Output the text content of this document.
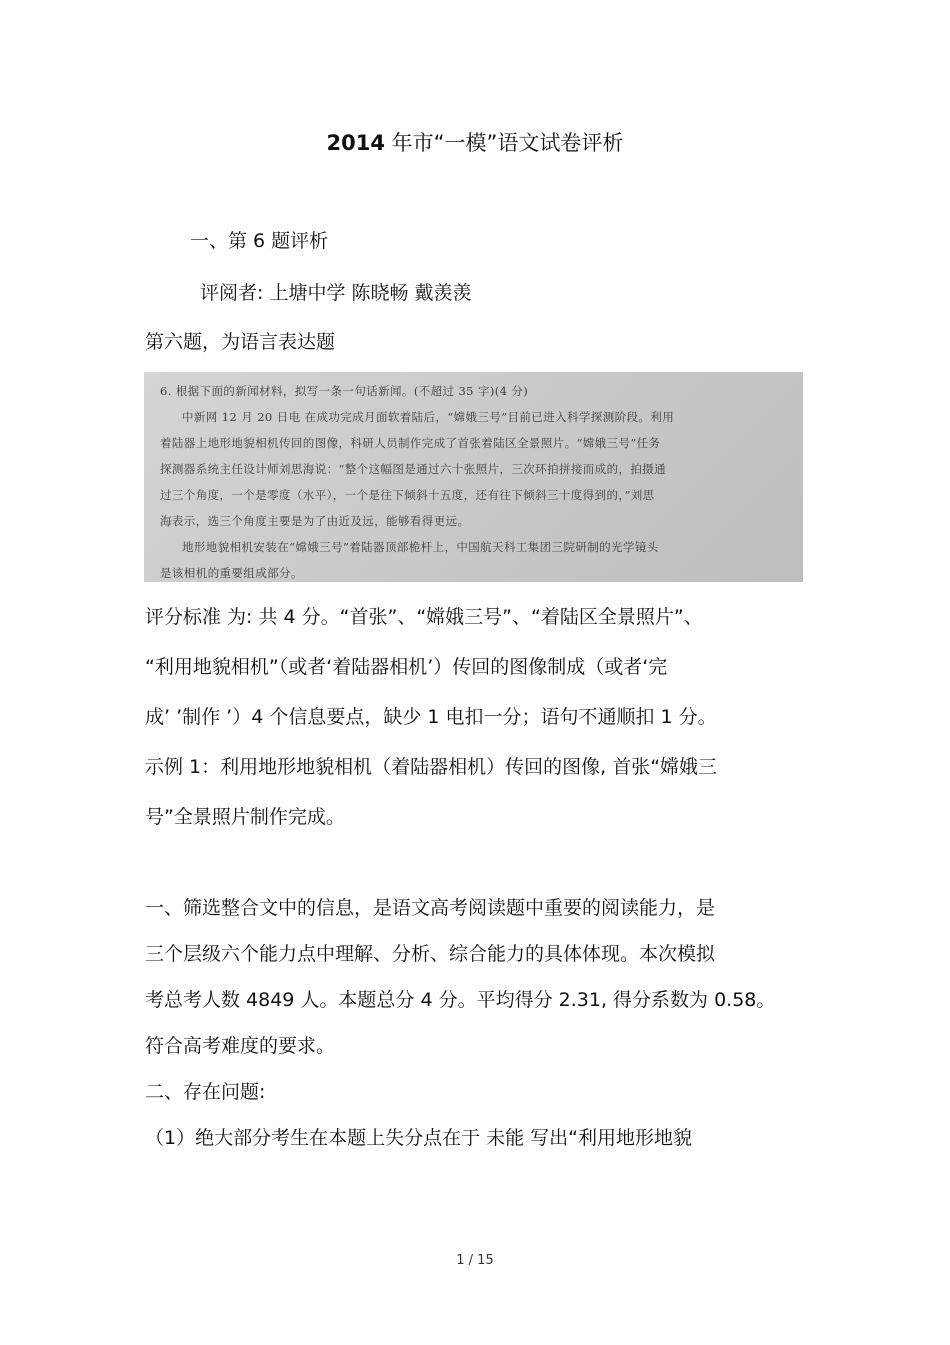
2014 年市“一模”语文试卷评析
一、第 6 题评析
评阅者: 上塘中学 陈晓畅 戴羡羡
第六题，为语言表达题
6. 根据下面的新闻材料，拟写一条一句话新闻。(不超过 35 字)(4 分)
中新网 12 月 20 日电 在成功完成月面软着陆后，“嫦娥三号”目前已进入科学探测阶段。利用
着陆器上地形地貌相机传回的图像，科研人员制作完成了首张着陆区全景照片。“嫦娥三号”任务
探测器系统主任设计师刘思海说：“整个这幅图是通过六十张照片，三次环拍拼接而成的，拍摄通
过三个角度，一个是零度（水平），一个是往下倾斜十五度，还有往下倾斜三十度得到的，”刘思
海表示，选三个角度主要是为了由近及远，能够看得更远。
地形地貌相机安装在“嫦娥三号”着陆器顶部桅杆上，中国航天科工集团三院研制的光学镜头
是该相机的重要组成部分。
评分标准 为: 共 4 分。“首张”、“嫦娥三号”、“着陆区全景照片”、
“利用地貌相机”（或者‘着陆器相机’）传回的图像制成（或者‘完
成’ ’制作 ’）4 个信息要点，缺少 1 电扣一分；语句不通顺扣 1 分。
示例 1：利用地形地貌相机（着陆器相机）传回的图像, 首张“嫦娥三
号”全景照片制作完成。
一、筛选整合文中的信息，是语文高考阅读题中重要的阅读能力，是
三个层级六个能力点中理解、分析、综合能力的具体体现。本次模拟
考总考人数 4849 人。本题总分 4 分。平均得分 2.31, 得分系数为 0.58。
符合高考难度的要求。
二、存在问题:
（1）绝大部分考生在本题上失分点在于 未能 写出“利用地形地貌
1 / 15
